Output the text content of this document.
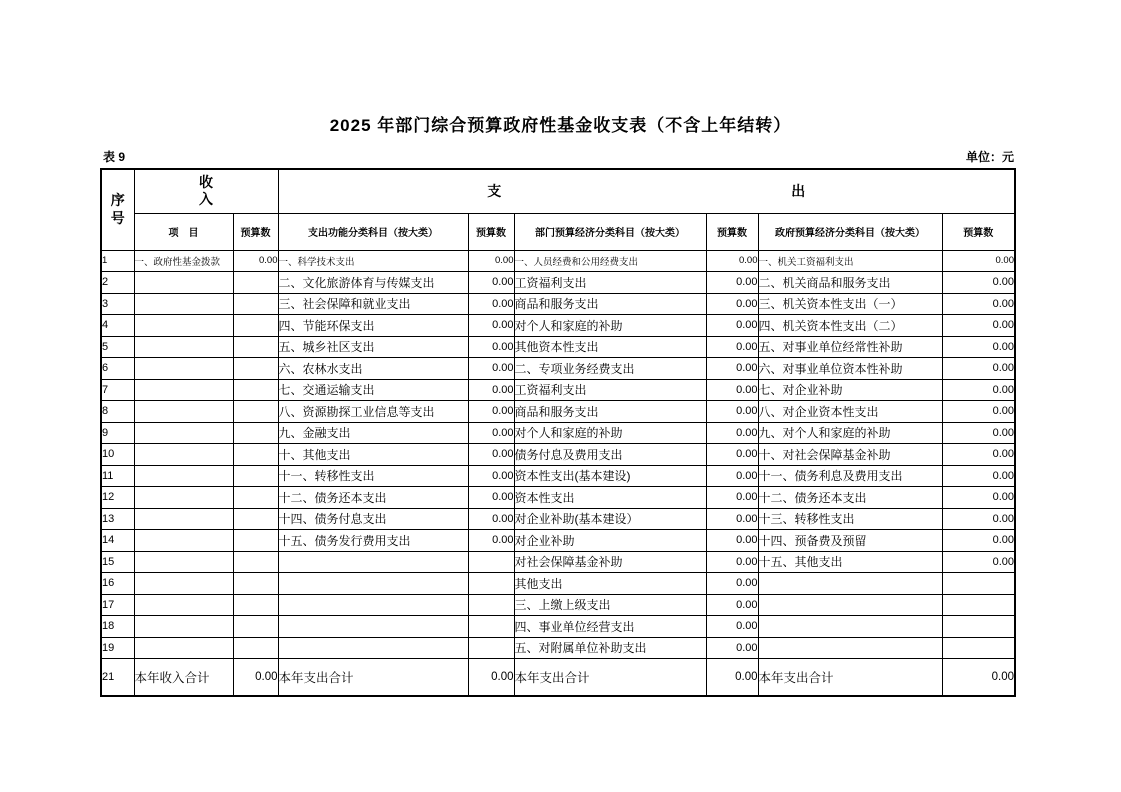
2025 年部门综合预算政府性基金收支表（不含上年结转）
表 9	单位：元
序
号

收
入

支	出

	项　目	预算数	支出功能分类科目（按大类）	预算数	部门预算经济分类科目（按大类）	预算数	政府预算经济分类科目（按大类）	预算数
1	一、政府性基金拨款	0.00	一、科学技术支出	0.00	一、人员经费和公用经费支出	0.00	一、机关工资福利支出	0.00
2			二、文化旅游体育与传媒支出	0.00	工资福利支出	0.00	二、机关商品和服务支出	0.00
3			三、社会保障和就业支出	0.00	商品和服务支出	0.00	三、机关资本性支出（一）	0.00
4			四、节能环保支出	0.00	对个人和家庭的补助	0.00	四、机关资本性支出（二）	0.00
5			五、城乡社区支出	0.00	其他资本性支出	0.00	五、对事业单位经常性补助	0.00
6			六、农林水支出	0.00	二、专项业务经费支出	0.00	六、对事业单位资本性补助	0.00
7			七、交通运输支出	0.00	工资福利支出	0.00	七、对企业补助	0.00
8			八、资源勘探工业信息等支出	0.00	商品和服务支出	0.00	八、对企业资本性支出	0.00
9			九、金融支出	0.00	对个人和家庭的补助	0.00	九、对个人和家庭的补助	0.00
10			十、其他支出	0.00	债务付息及费用支出	0.00	十、对社会保障基金补助	0.00
11			十一、转移性支出	0.00	资本性支出(基本建设)	0.00	十一、债务利息及费用支出	0.00
12			十二、债务还本支出	0.00	资本性支出	0.00	十二、债务还本支出	0.00
13			十四、债务付息支出	0.00	对企业补助(基本建设）	0.00	十三、转移性支出	0.00
14			十五、债务发行费用支出	0.00	对企业补助	0.00	十四、预备费及预留	0.00
15					对社会保障基金补助	0.00	十五、其他支出	0.00
16					其他支出	0.00		
17					三、上缴上级支出	0.00		
18					四、事业单位经营支出	0.00		
19					五、对附属单位补助支出	0.00		
21	本年收入合计	0.00	本年支出合计	0.00	本年支出合计	0.00	本年支出合计	0.00
